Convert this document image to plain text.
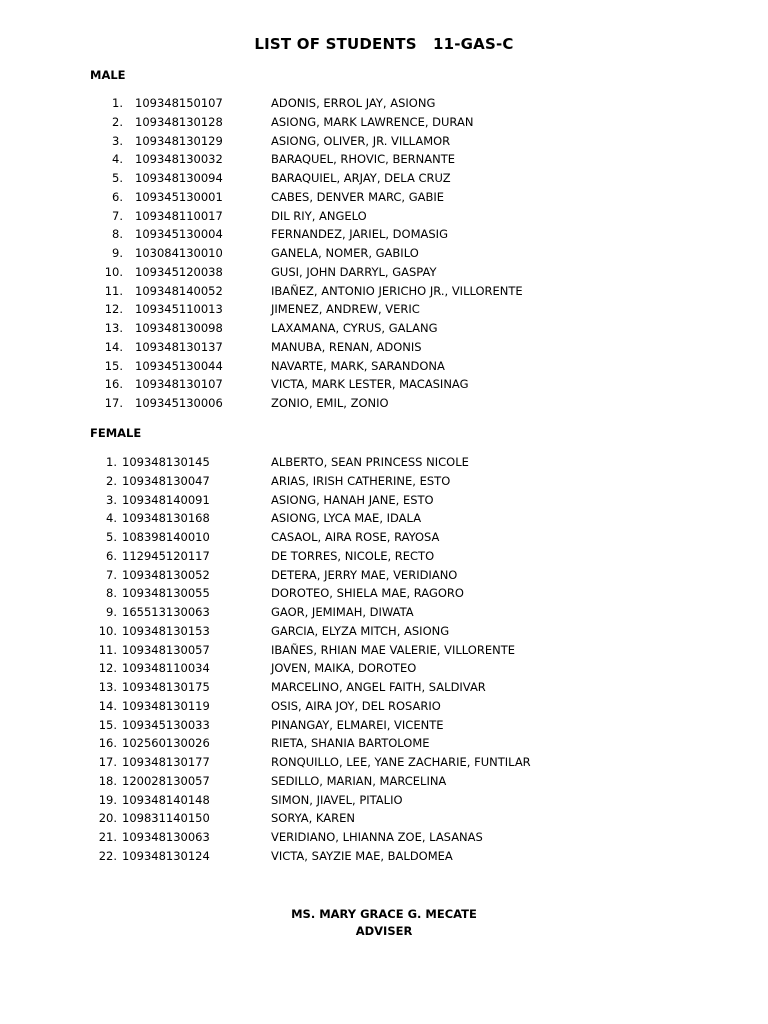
LIST OF STUDENTS   11-GAS-C
MALE
1. 109348150107	ADONIS, ERROL JAY, ASIONG
2. 109348130128	ASIONG, MARK LAWRENCE, DURAN
3. 109348130129	ASIONG, OLIVER, JR. VILLAMOR
4. 109348130032	BARAQUEL, RHOVIC, BERNANTE
5. 109348130094	BARAQUIEL, ARJAY, DELA CRUZ
6. 109345130001	CABES, DENVER MARC, GABIE
7. 109348110017	DIL RIY, ANGELO
8. 109345130004	FERNANDEZ, JARIEL, DOMASIG
9. 103084130010	GANELA, NOMER, GABILO
10. 109345120038	GUSI, JOHN DARRYL, GASPAY
11. 109348140052	IBAÑEZ, ANTONIO JERICHO JR., VILLORENTE
12. 109345110013	JIMENEZ, ANDREW, VERIC
13. 109348130098	LAXAMANA, CYRUS, GALANG
14. 109348130137	MANUBA, RENAN, ADONIS
15. 109345130044	NAVARTE, MARK, SARANDONA
16. 109348130107	VICTA, MARK LESTER, MACASINAG
17. 109345130006	ZONIO, EMIL, ZONIO
FEMALE
1. 109348130145	ALBERTO, SEAN PRINCESS NICOLE
2. 109348130047	ARIAS, IRISH CATHERINE, ESTO
3. 109348140091	ASIONG, HANAH JANE, ESTO
4. 109348130168	ASIONG, LYCA MAE, IDALA
5. 108398140010	CASAOL, AIRA ROSE, RAYOSA
6. 112945120117	DE TORRES, NICOLE, RECTO
7. 109348130052	DETERA, JERRY MAE, VERIDIANO
8. 109348130055	DOROTEO, SHIELA MAE, RAGORO
9. 165513130063	GAOR, JEMIMAH, DIWATA
10. 109348130153	GARCIA, ELYZA MITCH, ASIONG
11. 109348130057	IBAÑES, RHIAN MAE VALERIE, VILLORENTE
12. 109348110034	JOVEN, MAIKA, DOROTEO
13. 109348130175	MARCELINO, ANGEL FAITH, SALDIVAR
14. 109348130119	OSIS, AIRA JOY, DEL ROSARIO
15. 109345130033	PINANGAY, ELMAREI, VICENTE
16. 102560130026	RIETA, SHANIA BARTOLOME
17. 109348130177	RONQUILLO, LEE, YANE ZACHARIE, FUNTILAR
18. 120028130057	SEDILLO, MARIAN, MARCELINA
19. 109348140148	SIMON, JIAVEL, PITALIO
20. 109831140150	SORYA, KAREN
21. 109348130063	VERIDIANO, LHIANNA ZOE, LASANAS
22. 109348130124	VICTA, SAYZIE MAE, BALDOMEA
MS. MARY GRACE G. MECATE
ADVISER
